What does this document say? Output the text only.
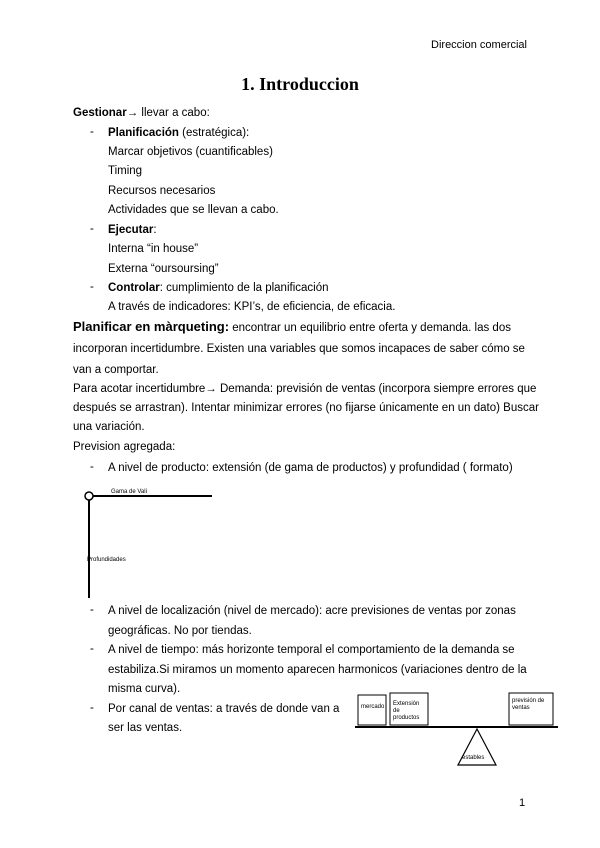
Direccion comercial
1. Introduccion
Gestionar→ llevar a cabo:
- Planificación (estratégica):
Marcar objetivos (cuantificables)
Timing
Recursos necesarios
Actividades que se llevan a cabo.
- Ejecutar:
Interna “in house”
Externa “oursoursing”
- Controlar: cumplimiento de la planificación
A través de indicadores: KPI’s, de eficiencia, de eficacia.
Planificar en màrqueting: encontrar un equilibrio entre oferta y demanda. las dos
incorporan incertidumbre. Existen una variables que somos incapaces de saber cómo se
van a comportar.
Para acotar incertidumbre→ Demanda: previsión de ventas (incorpora siempre errores que
después se arrastran). Intentar minimizar errores (no fijarse únicamente en un dato) Buscar
una variación.
Prevision agregada:
- A nivel de producto: extensión (de gama de productos) y profundidad ( formato)
Gama de Vali
Profundidades
- A nivel de localización (nivel de mercado): acre previsiones de ventas por zonas
geográficas. No por tiendas.
- A nivel de tiempo: más horizonte temporal el comportamiento de la demanda se
estabiliza.Si miramos un momento aparecen harmonicos (variaciones dentro de la
misma curva).
- Por canal de ventas: a través de donde van a
ser las ventas.
mercado Extensión de productos
previsión de ventas
estables
1
